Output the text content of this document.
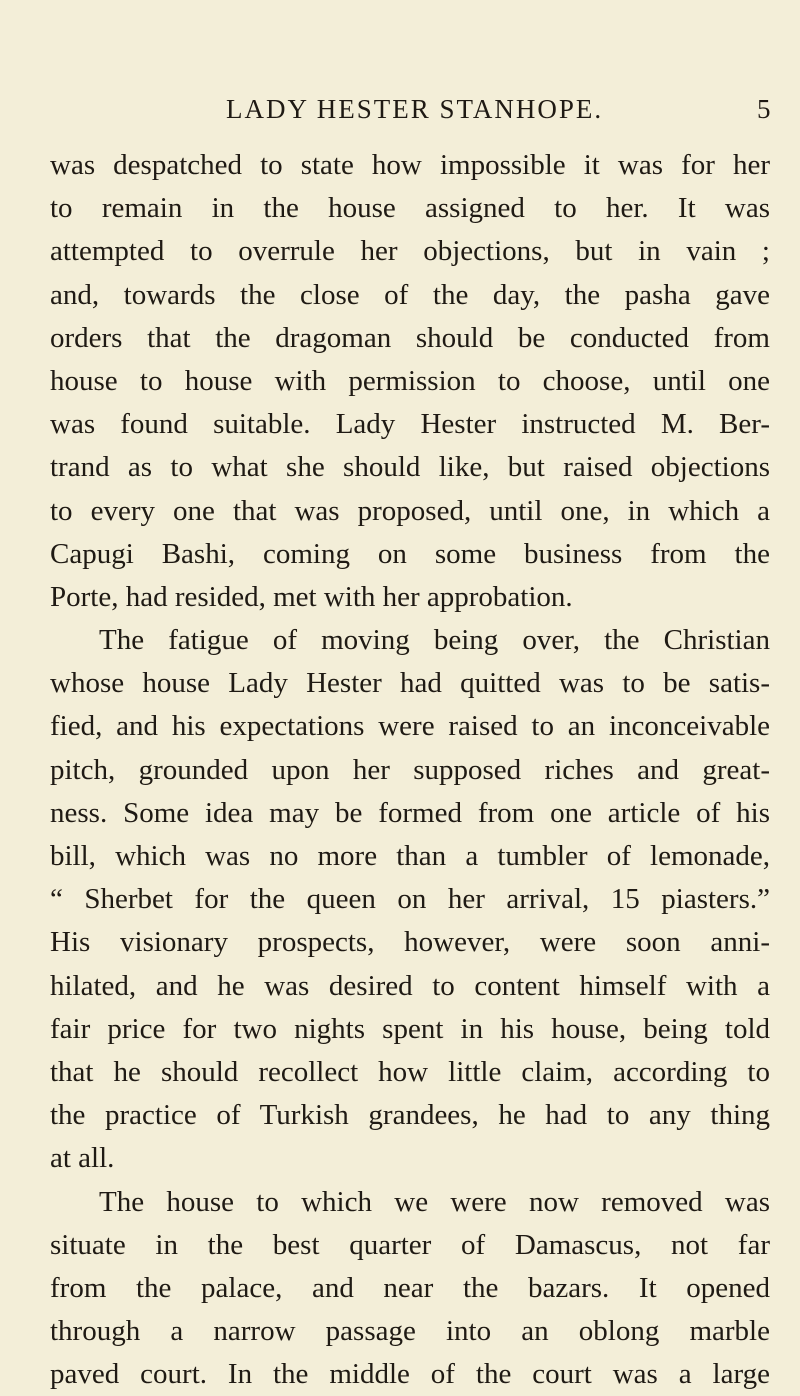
LADY HESTER STANHOPE.	5
was despatched to state how impossible it was for her
to remain in the house assigned to her. It was
attempted to overrule her objections, but in vain ;
and, towards the close of the day, the pasha gave
orders that the dragoman should be conducted from
house to house with permission to choose, until one
was found suitable. Lady Hester instructed M. Ber-
trand as to what she should like, but raised objections
to every one that was proposed, until one, in which a
Capugi Bashi, coming on some business from the
Porte, had resided, met with her approbation.
The fatigue of moving being over, the Christian
whose house Lady Hester had quitted was to be satis-
fied, and his expectations were raised to an inconceivable
pitch, grounded upon her supposed riches and great-
ness. Some idea may be formed from one article of his
bill, which was no more than a tumbler of lemonade,
“ Sherbet for the queen on her arrival, 15 piasters.”
His visionary prospects, however, were soon anni-
hilated, and he was desired to content himself with a
fair price for two nights spent in his house, being told
that he should recollect how little claim, according to
the practice of Turkish grandees, he had to any thing
at all.
The house to which we were now removed was
situate in the best quarter of Damascus, not far
from the palace, and near the bazars. It opened
through a narrow passage into an oblong marble
paved court. In the middle of the court was a large
